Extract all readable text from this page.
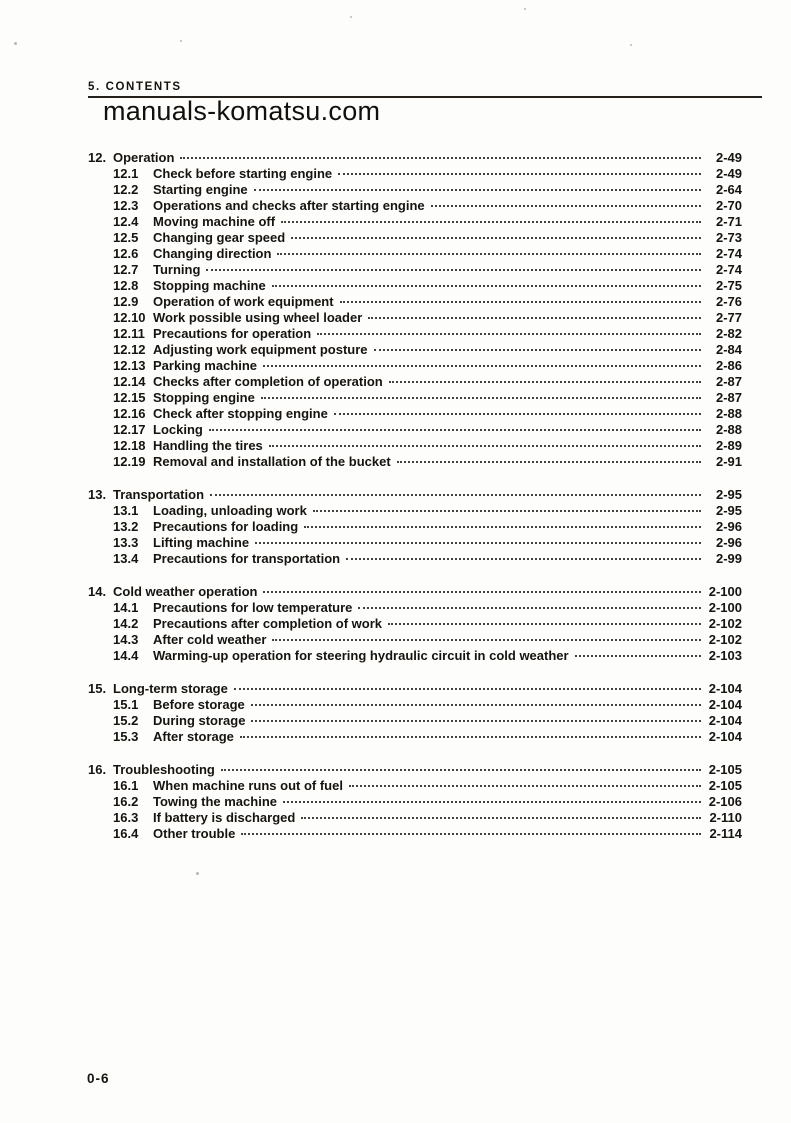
5. CONTENTS
manuals-komatsu.com
12. Operation	2-49
12.1	Check before starting engine	2-49
12.2	Starting engine	2-64
12.3	Operations and checks after starting engine	2-70
12.4	Moving machine off	2-71
12.5	Changing gear speed	2-73
12.6	Changing direction	2-74
12.7	Turning	2-74
12.8	Stopping machine	2-75
12.9	Operation of work equipment	2-76
12.10 Work possible using wheel loader	2-77
12.11 Precautions for operation	2-82
12.12 Adjusting work equipment posture	2-84
12.13 Parking machine	2-86
12.14 Checks after completion of operation	2-87
12.15 Stopping engine	2-87
12.16 Check after stopping engine	2-88
12.17 Locking	2-88
12.18 Handling the tires	2-89
12.19 Removal and installation of the bucket	2-91
13. Transportation	2-95
13.1	Loading, unloading work	2-95
13.2	Precautions for loading	2-96
13.3	Lifting machine	2-96
13.4	Precautions for transportation	2-99
14. Cold weather operation	2-100
14.1	Precautions for low temperature	2-100
14.2	Precautions after completion of work	2-102
14.3	After cold weather	2-102
14.4	Warming-up operation for steering hydraulic circuit in cold weather	2-103
15. Long-term storage	2-104
15.1	Before storage	2-104
15.2	During storage	2-104
15.3	After storage	2-104
16. Troubleshooting	2-105
16.1	When machine runs out of fuel	2-105
16.2	Towing the machine	2-106
16.3	If battery is discharged	2-110
16.4	Other trouble	2-114
0-6
